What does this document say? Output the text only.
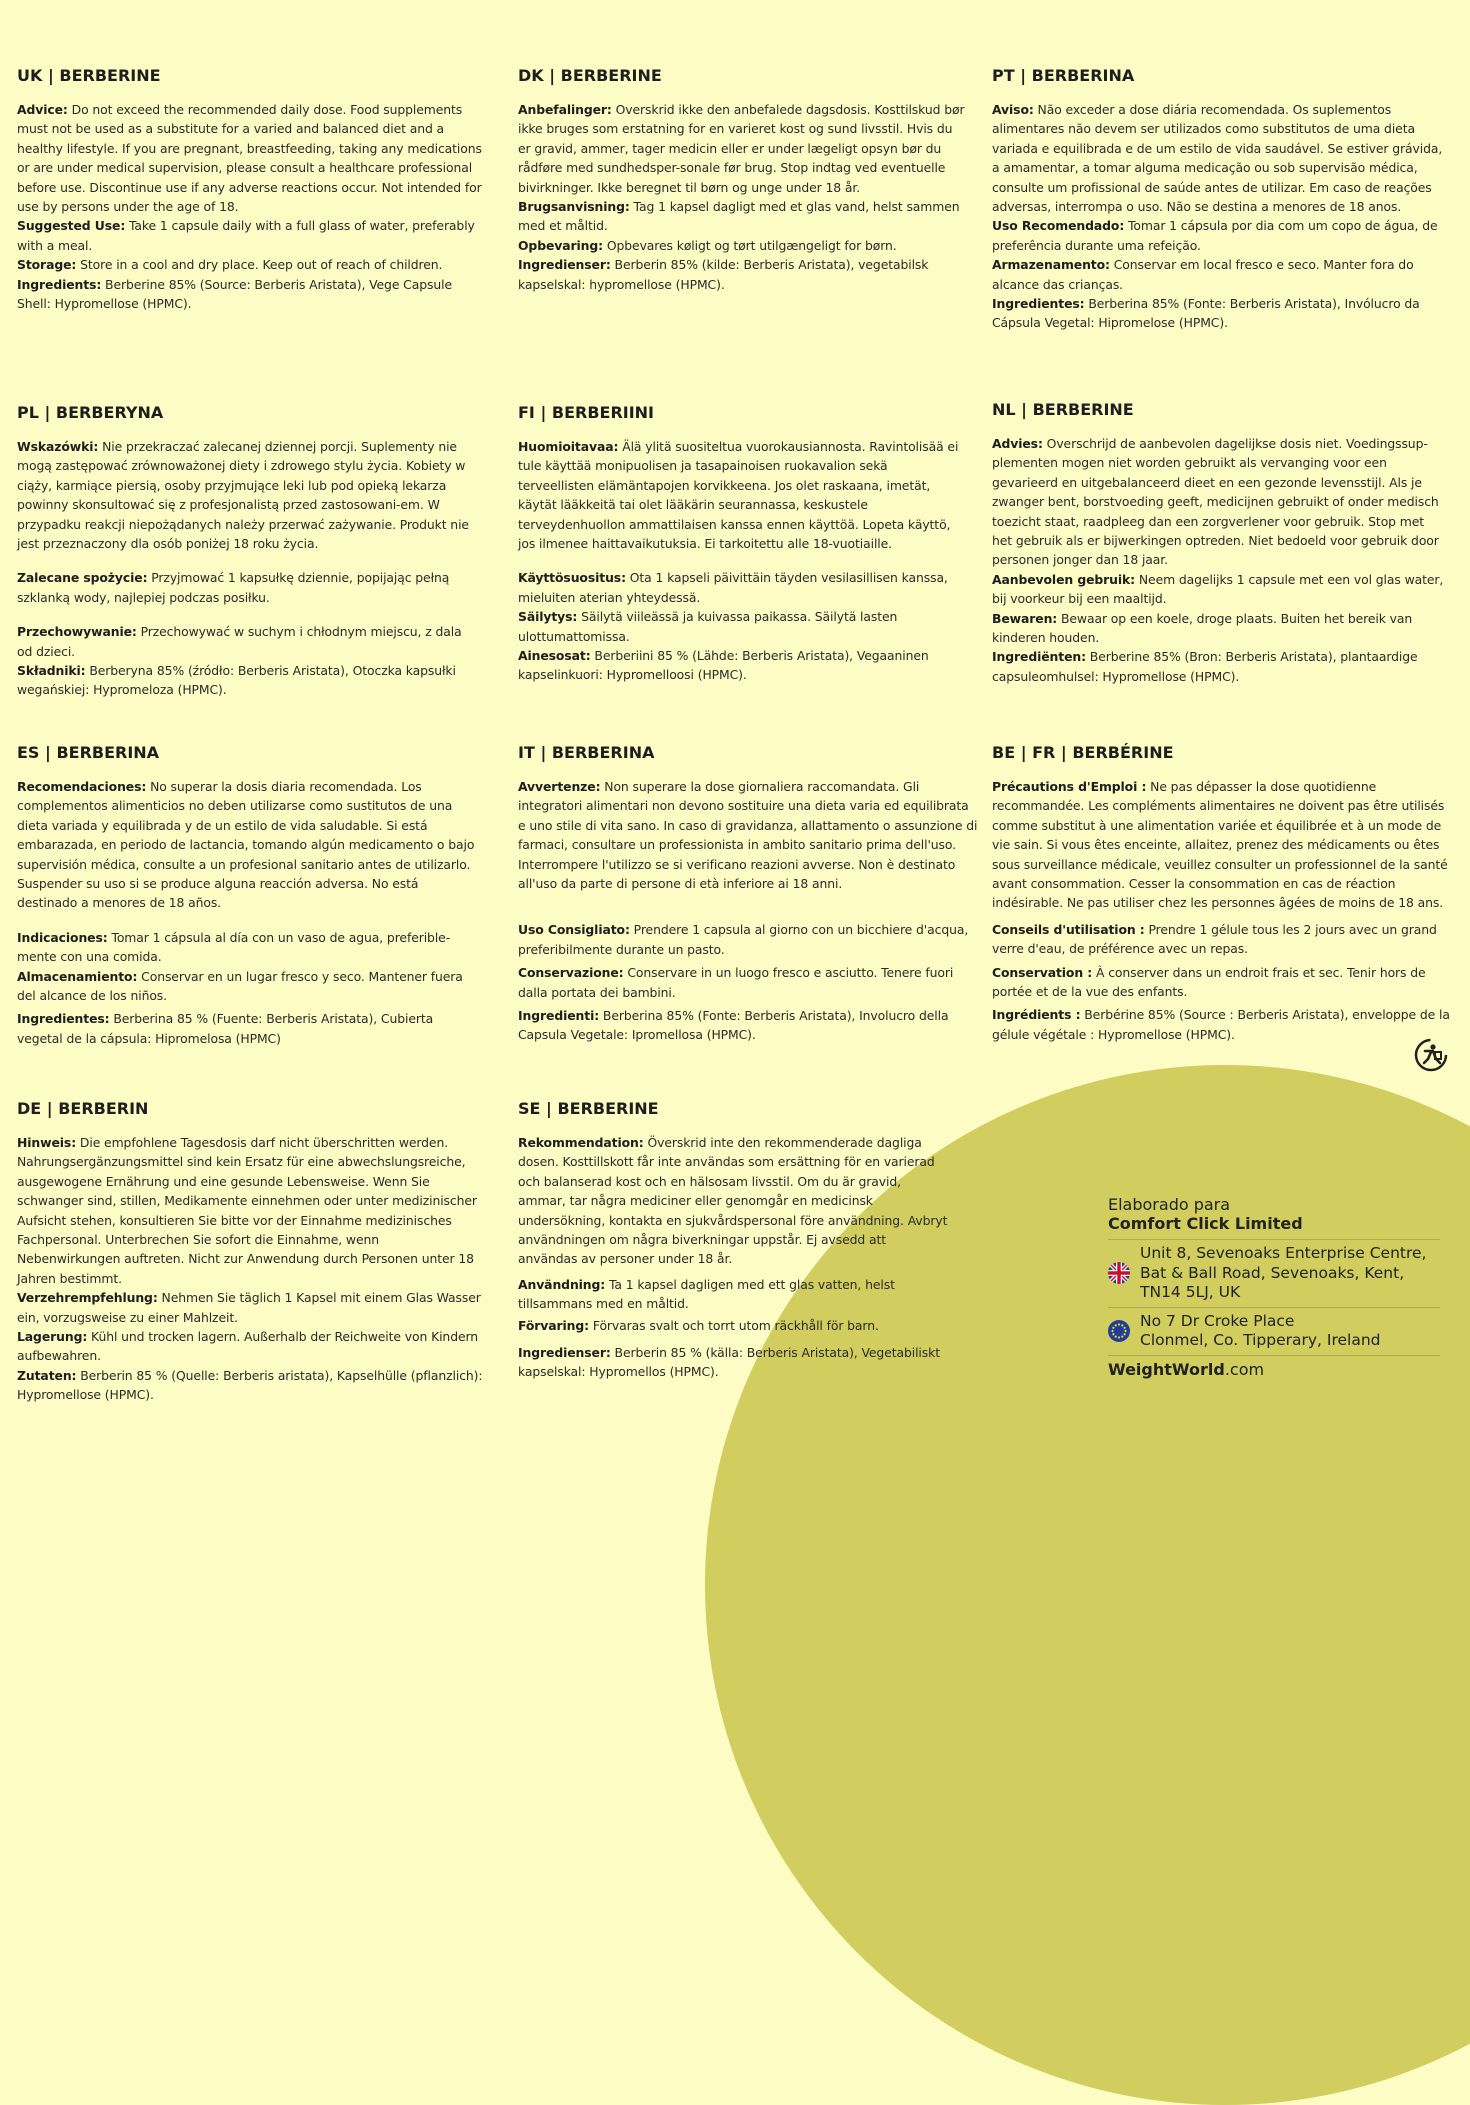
UK | BERBERINE

Advice: Do not exceed the recommended daily dose. Food supplements must not be used as a substitute for a varied and balanced diet and a healthy lifestyle. If you are pregnant, breastfeeding, taking any medications or are under medical supervision, please consult a healthcare professional before use. Discontinue use if any adverse reactions occur. Not intended for use by persons under the age of 18.

Suggested Use: Take 1 capsule daily with a full glass of water, preferably with a meal.

Storage: Store in a cool and dry place. Keep out of reach of children.

Ingredients: Berberine 85% (Source: Berberis Aristata), Vege Capsule Shell: Hypromellose (HPMC).

DK | BERBERINE

Anbefalinger: Overskrid ikke den anbefalede dagsdosis. Kosttilskud bør ikke bruges som erstatning for en varieret kost og sund livsstil. Hvis du er gravid, ammer, tager medicin eller er under lægeligt opsyn bør du rådføre med sundhedsper-sonale før brug. Stop indtag ved eventuelle bivirkninger. Ikke beregnet til børn og unge under 18 år.

Brugsanvisning: Tag 1 kapsel dagligt med et glas vand, helst sammen med et måltid.

Opbevaring: Opbevares køligt og tørt utilgængeligt for børn.

Ingredienser: Berberin 85% (kilde: Berberis Aristata), vegetabilsk kapselskal: hypromellose (HPMC).

PT | BERBERINA

Aviso: Não exceder a dose diária recomendada. Os suplementos alimentares não devem ser utilizados como substitutos de uma dieta variada e equilibrada e de um estilo de vida saudável. Se estiver grávida, a amamentar, a tomar alguma medicação ou sob supervisão médica, consulte um profissional de saúde antes de utilizar. Em caso de reações adversas, interrompa o uso. Não se destina a menores de 18 anos.

Uso Recomendado: Tomar 1 cápsula por dia com um copo de água, de preferência durante uma refeição.

Armazenamento: Conservar em local fresco e seco. Manter fora do alcance das crianças.

Ingredientes: Berberina 85% (Fonte: Berberis Aristata), Invólucro da Cápsula Vegetal: Hipromelose (HPMC).

PL | BERBERYNA

Wskazówki: Nie przekraczać zalecanej dziennej porcji. Suplementy nie mogą zastępować zrównoważonej diety i zdrowego stylu życia. Kobiety w ciąży, karmiące piersią, osoby przyjmujące leki lub pod opieką lekarza powinny skonsultować się z profesjonalistą przed zastosowani-em. W przypadku reakcji niepożądanych należy przerwać zażywanie. Produkt nie jest przeznaczony dla osób poniżej 18 roku życia.

Zalecane spożycie: Przyjmować 1 kapsułkę dziennie, popijając pełną szklanką wody, najlepiej podczas posiłku.

Przechowywanie: Przechowywać w suchym i chłodnym miejscu, z dala od dzieci.

Składniki: Berberyna 85% (źródło: Berberis Aristata), Otoczka kapsułki wegańskiej: Hypromeloza (HPMC).

FI | BERBERIINI

Huomioitavaa: Älä ylitä suositeltua vuorokausiannosta. Ravintolisää ei tule käyttää monipuolisen ja tasapainoisen ruokavalion sekä terveellisten elämäntapojen korvikkeena. Jos olet raskaana, imetät, käytät lääkkeitä tai olet lääkärin seurannassa, keskustele terveydenhuollon ammattilaisen kanssa ennen käyttöä. Lopeta käyttö, jos ilmenee haittavaikutuksia. Ei tarkoitettu alle 18-vuotiaille.

Käyttösuositus: Ota 1 kapseli päivittäin täyden vesilasillisen kanssa, mieluiten aterian yhteydessä.

Säilytys: Säilytä viileässä ja kuivassa paikassa. Säilytä lasten ulottumattomissa.

Ainesosat: Berberiini 85 % (Lähde: Berberis Aristata), Vegaaninen kapselinkuori: Hypromelloosi (HPMC).

NL | BERBERINE

Advies: Overschrijd de aanbevolen dagelijkse dosis niet. Voedingssup-plementen mogen niet worden gebruikt als vervanging voor een gevarieerd en uitgebalanceerd dieet en een gezonde levensstijl. Als je zwanger bent, borstvoeding geeft, medicijnen gebruikt of onder medisch toezicht staat, raadpleeg dan een zorgverlener voor gebruik. Stop met het gebruik als er bijwerkingen optreden. Niet bedoeld voor gebruik door personen jonger dan 18 jaar.

Aanbevolen gebruik: Neem dagelijks 1 capsule met een vol glas water, bij voorkeur bij een maaltijd.

Bewaren: Bewaar op een koele, droge plaats. Buiten het bereik van kinderen houden.

Ingrediënten: Berberine 85% (Bron: Berberis Aristata), plantaardige capsuleomhulsel: Hypromellose (HPMC).

ES | BERBERINA

Recomendaciones: No superar la dosis diaria recomendada. Los complementos alimenticios no deben utilizarse como sustitutos de una dieta variada y equilibrada y de un estilo de vida saludable. Si está embarazada, en periodo de lactancia, tomando algún medicamento o bajo supervisión médica, consulte a un profesional sanitario antes de utilizarlo. Suspender su uso si se produce alguna reacción adversa. No está destinado a menores de 18 años.

Indicaciones: Tomar 1 cápsula al día con un vaso de agua, preferible-mente con una comida.

Almacenamiento: Conservar en un lugar fresco y seco. Mantener fuera del alcance de los niños.

Ingredientes: Berberina 85 % (Fuente: Berberis Aristata), Cubierta vegetal de la cápsula: Hipromelosa (HPMC)

IT | BERBERINA

Avvertenze: Non superare la dose giornaliera raccomandata. Gli integratori alimentari non devono sostituire una dieta varia ed equilibrata e uno stile di vita sano. In caso di gravidanza, allattamento o assunzione di farmaci, consultare un professionista in ambito sanitario prima dell'uso. Interrompere l'utilizzo se si verificano reazioni avverse. Non è destinato all'uso da parte di persone di età inferiore ai 18 anni.

Uso Consigliato: Prendere 1 capsula al giorno con un bicchiere d'acqua, preferibilmente durante un pasto.

Conservazione: Conservare in un luogo fresco e asciutto. Tenere fuori dalla portata dei bambini.

Ingredienti: Berberina 85% (Fonte: Berberis Aristata), Involucro della Capsula Vegetale: Ipromellosa (HPMC).

BE | FR | BERBÉRINE

Précautions d'Emploi : Ne pas dépasser la dose quotidienne recommandée. Les compléments alimentaires ne doivent pas être utilisés comme substitut à une alimentation variée et équilibrée et à un mode de vie sain. Si vous êtes enceinte, allaitez, prenez des médicaments ou êtes sous surveillance médicale, veuillez consulter un professionnel de la santé avant consommation. Cesser la consommation en cas de réaction indésirable. Ne pas utiliser chez les personnes âgées de moins de 18 ans.

Conseils d'utilisation : Prendre 1 gélule tous les 2 jours avec un grand verre d'eau, de préférence avec un repas.

Conservation : À conserver dans un endroit frais et sec. Tenir hors de portée et de la vue des enfants.

Ingrédients : Berbérine 85% (Source : Berberis Aristata), enveloppe de la gélule végétale : Hypromellose (HPMC).

DE | BERBERIN

Hinweis: Die empfohlene Tagesdosis darf nicht überschritten werden. Nahrungsergänzungsmittel sind kein Ersatz für eine abwechslungsreiche, ausgewogene Ernährung und eine gesunde Lebensweise. Wenn Sie schwanger sind, stillen, Medikamente einnehmen oder unter medizinischer Aufsicht stehen, konsultieren Sie bitte vor der Einnahme medizinisches Fachpersonal. Unterbrechen Sie sofort die Einnahme, wenn Nebenwirkungen auftreten. Nicht zur Anwendung durch Personen unter 18 Jahren bestimmt.

Verzehrempfehlung: Nehmen Sie täglich 1 Kapsel mit einem Glas Wasser ein, vorzugsweise zu einer Mahlzeit.

Lagerung: Kühl und trocken lagern. Außerhalb der Reichweite von Kindern aufbewahren.

Zutaten: Berberin 85 % (Quelle: Berberis aristata), Kapselhülle (pflanzlich): Hypromellose (HPMC).

SE | BERBERINE

Rekommendation: Överskrid inte den rekommenderade dagliga dosen. Kosttillskott får inte användas som ersättning för en varierad och balanserad kost och en hälsosam livsstil. Om du är gravid, ammar, tar några mediciner eller genomgår en medicinsk undersökning, kontakta en sjukvårdspersonal före användning. Avbryt användningen om några biverkningar uppstår. Ej avsedd att användas av personer under 18 år.

Användning: Ta 1 kapsel dagligen med ett glas vatten, helst tillsammans med en måltid.

Förvaring: Förvaras svalt och torrt utom räckhåll för barn.

Ingredienser: Berberin 85 % (källa: Berberis Aristata), Vegetabiliskt kapselskal: Hypromellos (HPMC).

Elaborado para
Comfort Click Limited
Unit 8, Sevenoaks Enterprise Centre,
Bat & Ball Road, Sevenoaks, Kent,
TN14 5LJ, UK
No 7 Dr Croke Place
Clonmel, Co. Tipperary, Ireland
WeightWorld.com
